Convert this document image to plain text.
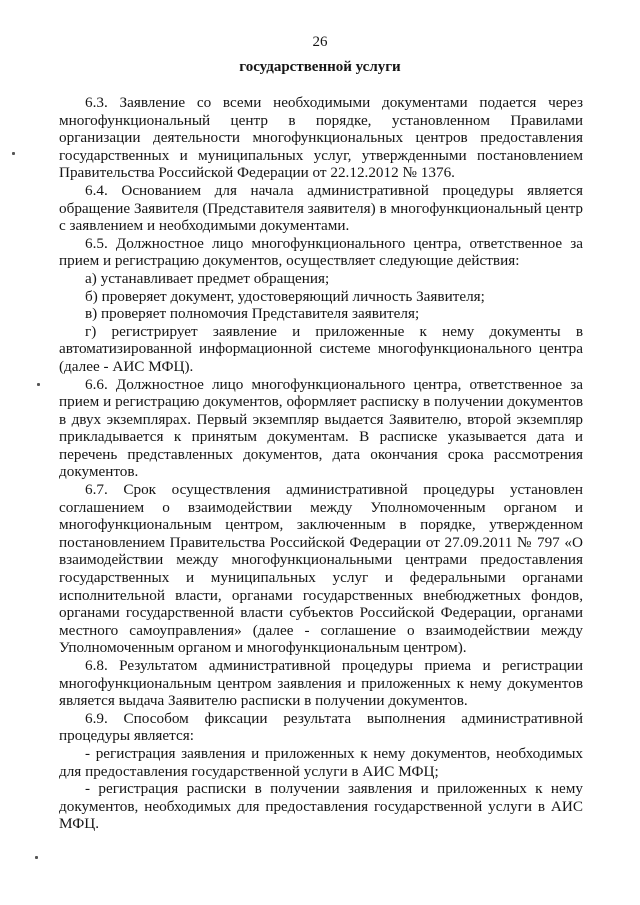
26
государственной услуги

6.3. Заявление со всеми необходимыми документами подается через многофункциональный центр в порядке, установленном Правилами организации деятельности многофункциональных центров предоставления государственных и муниципальных услуг, утвержденными постановлением Правительства Российской Федерации от 22.12.2012 № 1376.

6.4. Основанием для начала административной процедуры является обращение Заявителя (Представителя заявителя) в многофункциональный центр с заявлением и необходимыми документами.

6.5. Должностное лицо многофункционального центра, ответственное за прием и регистрацию документов, осуществляет следующие действия:

а) устанавливает предмет обращения;

б) проверяет документ, удостоверяющий личность Заявителя;

в) проверяет полномочия Представителя заявителя;

г) регистрирует заявление и приложенные к нему документы в автоматизированной информационной системе многофункционального центра (далее - АИС МФЦ).

6.6. Должностное лицо многофункционального центра, ответственное за прием и регистрацию документов, оформляет расписку в получении документов в двух экземплярах. Первый экземпляр выдается Заявителю, второй экземпляр прикладывается к принятым документам. В расписке указывается дата и перечень представленных документов, дата окончания срока рассмотрения документов.

6.7. Срок осуществления административной процедуры установлен соглашением о взаимодействии между Уполномоченным органом и многофункциональным центром, заключенным в порядке, утвержденном постановлением Правительства Российской Федерации от 27.09.2011 № 797 «О взаимодействии между многофункциональными центрами предоставления государственных и муниципальных услуг и федеральными органами исполнительной власти, органами государственных внебюджетных фондов, органами государственной власти субъектов Российской Федерации, органами местного самоуправления» (далее - соглашение о взаимодействии между Уполномоченным органом и многофункциональным центром).

6.8. Результатом административной процедуры приема и регистрации многофункциональным центром заявления и приложенных к нему документов является выдача Заявителю расписки в получении документов.

6.9. Способом фиксации результата выполнения административной процедуры является:

- регистрация заявления и приложенных к нему документов, необходимых для предоставления государственной услуги в АИС МФЦ;

- регистрация расписки в получении заявления и приложенных к нему документов, необходимых для предоставления государственной услуги в АИС МФЦ.
